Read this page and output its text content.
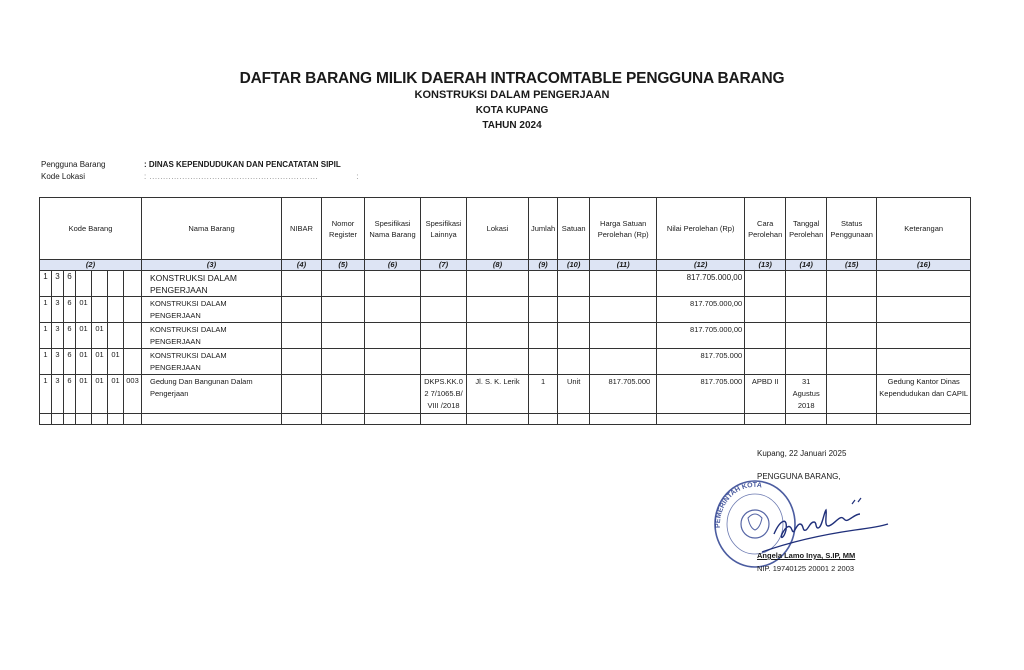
DAFTAR BARANG MILIK DAERAH INTRACOMTABLE PENGGUNA BARANG
KONSTRUKSI DALAM PENGERJAAN
KOTA KUPANG
TAHUN 2024
Pengguna Barang	: DINAS KEPENDUDUKAN DAN PENCATATAN SIPIL
Kode Lokasi	: ..............................................................	:
Kode Barang							Nama Barang	NIBAR	Nomor Register	Spesifikasi Nama Barang	Spesifikasi Lainnya	Lokasi	Jumlah	Satuan	Harga Satuan Perolehan (Rp)	Nilai Perolehan (Rp)	Cara Perolehan	Tanggal Perolehan	Status Penggunaan	Keterangan
(2)							(3)	(4)	(5)	(6)	(7)	(8)	(9)	(10)	(11)	(12)	(13)	(14)	(15)	(16)
1	3	6					KONSTRUKSI DALAM PENGERJAAN									817.705.000,00				
1	3	6	01				KONSTRUKSI DALAM PENGERJAAN									817.705.000,00				
1	3	6	01	01			KONSTRUKSI DALAM PENGERJAAN									817.705.000,00				
1	3	6	01	01	01		KONSTRUKSI DALAM PENGERJAAN									817.705.000				
1	3	6	01	01	01	003	Gedung Dan Bangunan Dalam Pengerjaan				DKPS.KK.02 7/1065.B/VIII /2018	Jl. S. K. Lerik	1	Unit	817.705.000	817.705.000	APBD II	31 Agustus 2018		Gedung Kantor Dinas Kependudukan dan CAPIL

Kupang, 22 Januari 2025
PENGGUNA BARANG,
PEMERINTAH KOTA
Angela Lamo Inya, S.IP, MM
NIP. 19740125 20001 2 2003
